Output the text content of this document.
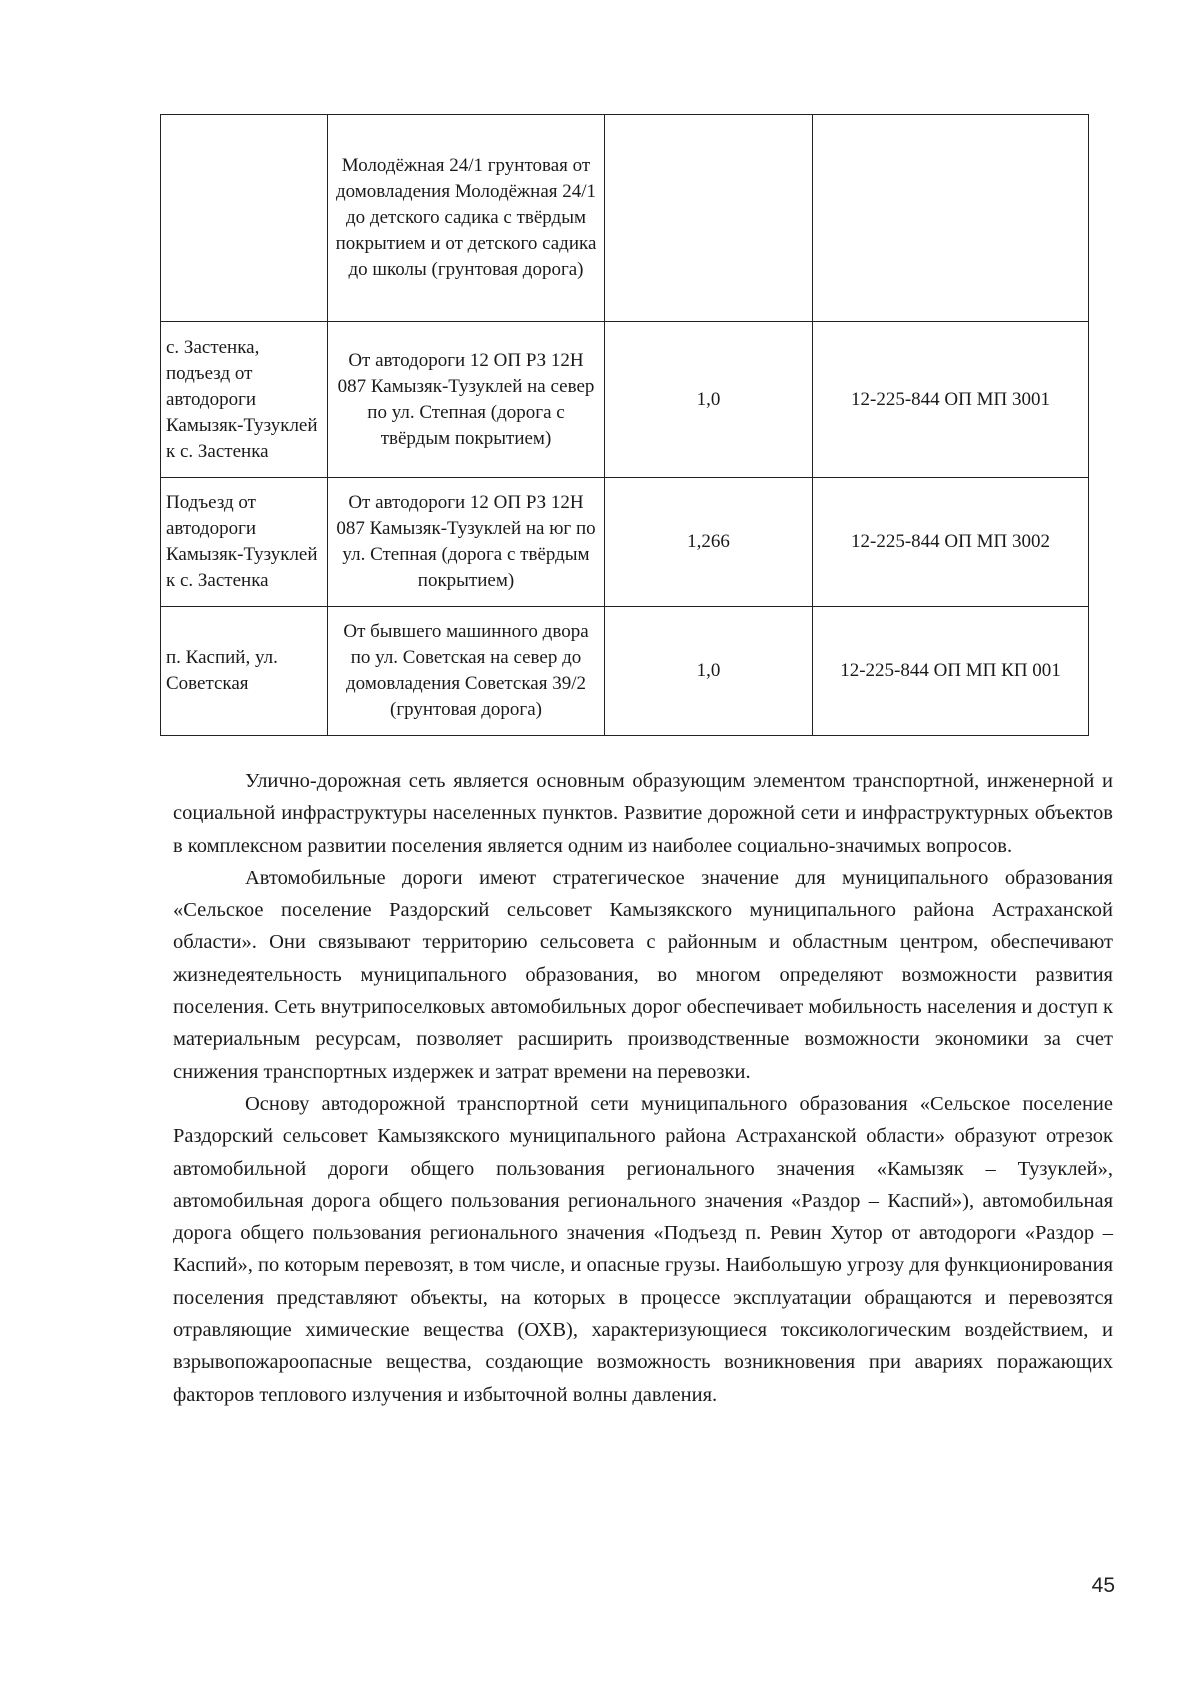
	Молодёжная 24/1 грунтовая от домовладения Молодёжная 24/1 до детского садика с твёрдым покрытием и от детского садика до школы (грунтовая дорога)		
с. Застенка, подъезд от автодороги Камызяк-Тузуклей к с. Застенка	От автодороги 12 ОП РЗ 12Н 087 Камызяк-Тузуклей на север по ул. Степная (дорога с твёрдым покрытием)	1,0	12-225-844 ОП МП 3001
Подъезд от автодороги Камызяк-Тузуклей к с. Застенка	От автодороги 12 ОП РЗ 12Н 087 Камызяк-Тузуклей на юг по ул. Степная (дорога с твёрдым покрытием)	1,266	12-225-844 ОП МП 3002
п. Каспий, ул. Советская	От бывшего машинного двора по ул. Советская на север до домовладения Советская 39/2 (грунтовая дорога)	1,0	12-225-844 ОП МП КП 001

Улично-дорожная сеть является основным образующим элементом транспортной, инженерной и социальной инфраструктуры населенных пунктов. Развитие дорожной сети и инфраструктурных объектов в комплексном развитии поселения является одним из наиболее социально-значимых вопросов.

Автомобильные дороги имеют стратегическое значение для муниципального образования «Сельское поселение Раздорский сельсовет Камызякского муниципального района Астраханской области». Они связывают территорию сельсовета с районным и областным центром, обеспечивают жизнедеятельность муниципального образования, во многом определяют возможности развития поселения. Сеть внутрипоселковых автомобильных дорог обеспечивает мобильность населения и доступ к материальным ресурсам, позволяет расширить производственные возможности экономики за счет снижения транспортных издержек и затрат времени на перевозки.

Основу автодорожной транспортной сети муниципального образования «Сельское поселение Раздорский сельсовет Камызякского муниципального района Астраханской области» образуют отрезок автомобильной дороги общего пользования регионального значения «Камызяк – Тузуклей», автомобильная дорога общего пользования регионального значения «Раздор – Каспий»), автомобильная дорога общего пользования регионального значения «Подъезд п. Ревин Хутор от автодороги «Раздор – Каспий», по которым перевозят, в том числе, и опасные грузы. Наибольшую угрозу для функционирования поселения представляют объекты, на которых в процессе эксплуатации обращаются и перевозятся отравляющие химические вещества (ОХВ), характеризующиеся токсикологическим воздействием, и взрывопожароопасные вещества, создающие возможность возникновения при авариях поражающих факторов теплового излучения и избыточной волны давления.

45
